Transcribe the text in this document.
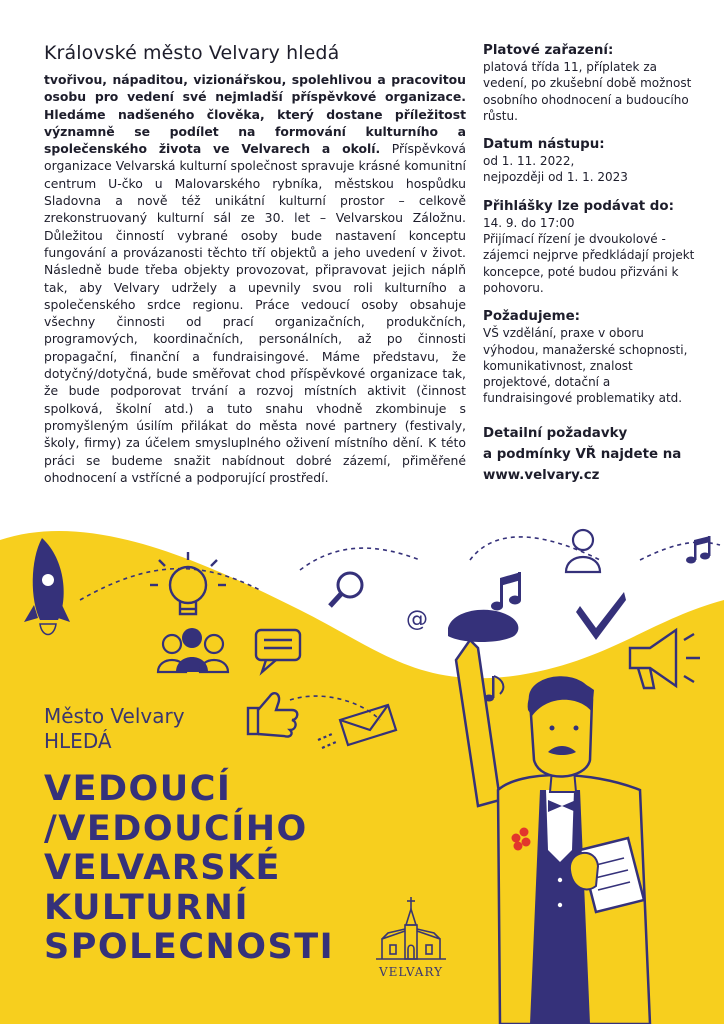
Královské město Velvary hledá

tvořivou, nápaditou, vizionářskou, spolehlivou a pracovitou osobu pro vedení své nejmladší příspěvkové organizace. Hledáme nadšeného člověka, který dostane příležitost významně se podílet na formování kulturního a společenského života ve Velvarech a okolí. Příspěvková organizace Velvarská kulturní společnost spravuje krásné komunitní centrum U-čko u Malovarského rybníka, městskou hospůdku Sladovna a nově též unikátní kulturní prostor – celkově zrekonstruovaný kulturní sál ze 30. let – Velvarskou Záložnu. Důležitou činností vybrané osoby bude nastavení konceptu fungování a provázanosti těchto tří objektů a jeho uvedení v život. Následně bude třeba objekty provozovat, připravovat jejich náplň tak, aby Velvary udržely a upevnily svou roli kulturního a společenského srdce regionu. Práce vedoucí osoby obsahuje všechny činnosti od prací organizačních, produkčních, programových, koordinačních, personálních, až po činnosti propagační, finanční a fundraisingové. Máme představu, že dotyčný/dotyčná, bude směřovat chod příspěvkové organizace tak, že bude podporovat trvání a rozvoj místních aktivit (činnost spolková, školní atd.) a tuto snahu vhodně zkombinuje s promyšleným úsilím přilákat do města nové partnery (festivaly, školy, firmy) za účelem smysluplného oživení místního dění. K této práci se budeme snažit nabídnout dobré zázemí, přiměřené ohodnocení a vstřícné a podporující prostředí.

Platové zařazení:
platová třída 11, příplatek za vedení, po zkušební době možnost osobního ohodnocení a budoucího růstu.
Datum nástupu:
od 1. 11. 2022,
nejpozději od 1. 1. 2023
Přihlášky lze podávat do:
14. 9. do 17:00
Přijímací řízení je dvoukolové - zájemci nejprve předkládají projekt koncepce, poté budou přizváni k pohovoru.
Požadujeme:
VŠ vzdělání, praxe v oboru výhodou, manažerské schopnosti, komunikativnost, znalost projektové, dotační a fundraisingové problematiky atd.
Detailní požadavky
a podmínky VŘ najdete na
www.velvary.cz
@
Město Velvary
HLEDÁ
VEDOUCÍ
/VEDOUCÍHO
VELVARSKÉ
KULTURNÍ
SPOLECNOSTI
VELVARY
